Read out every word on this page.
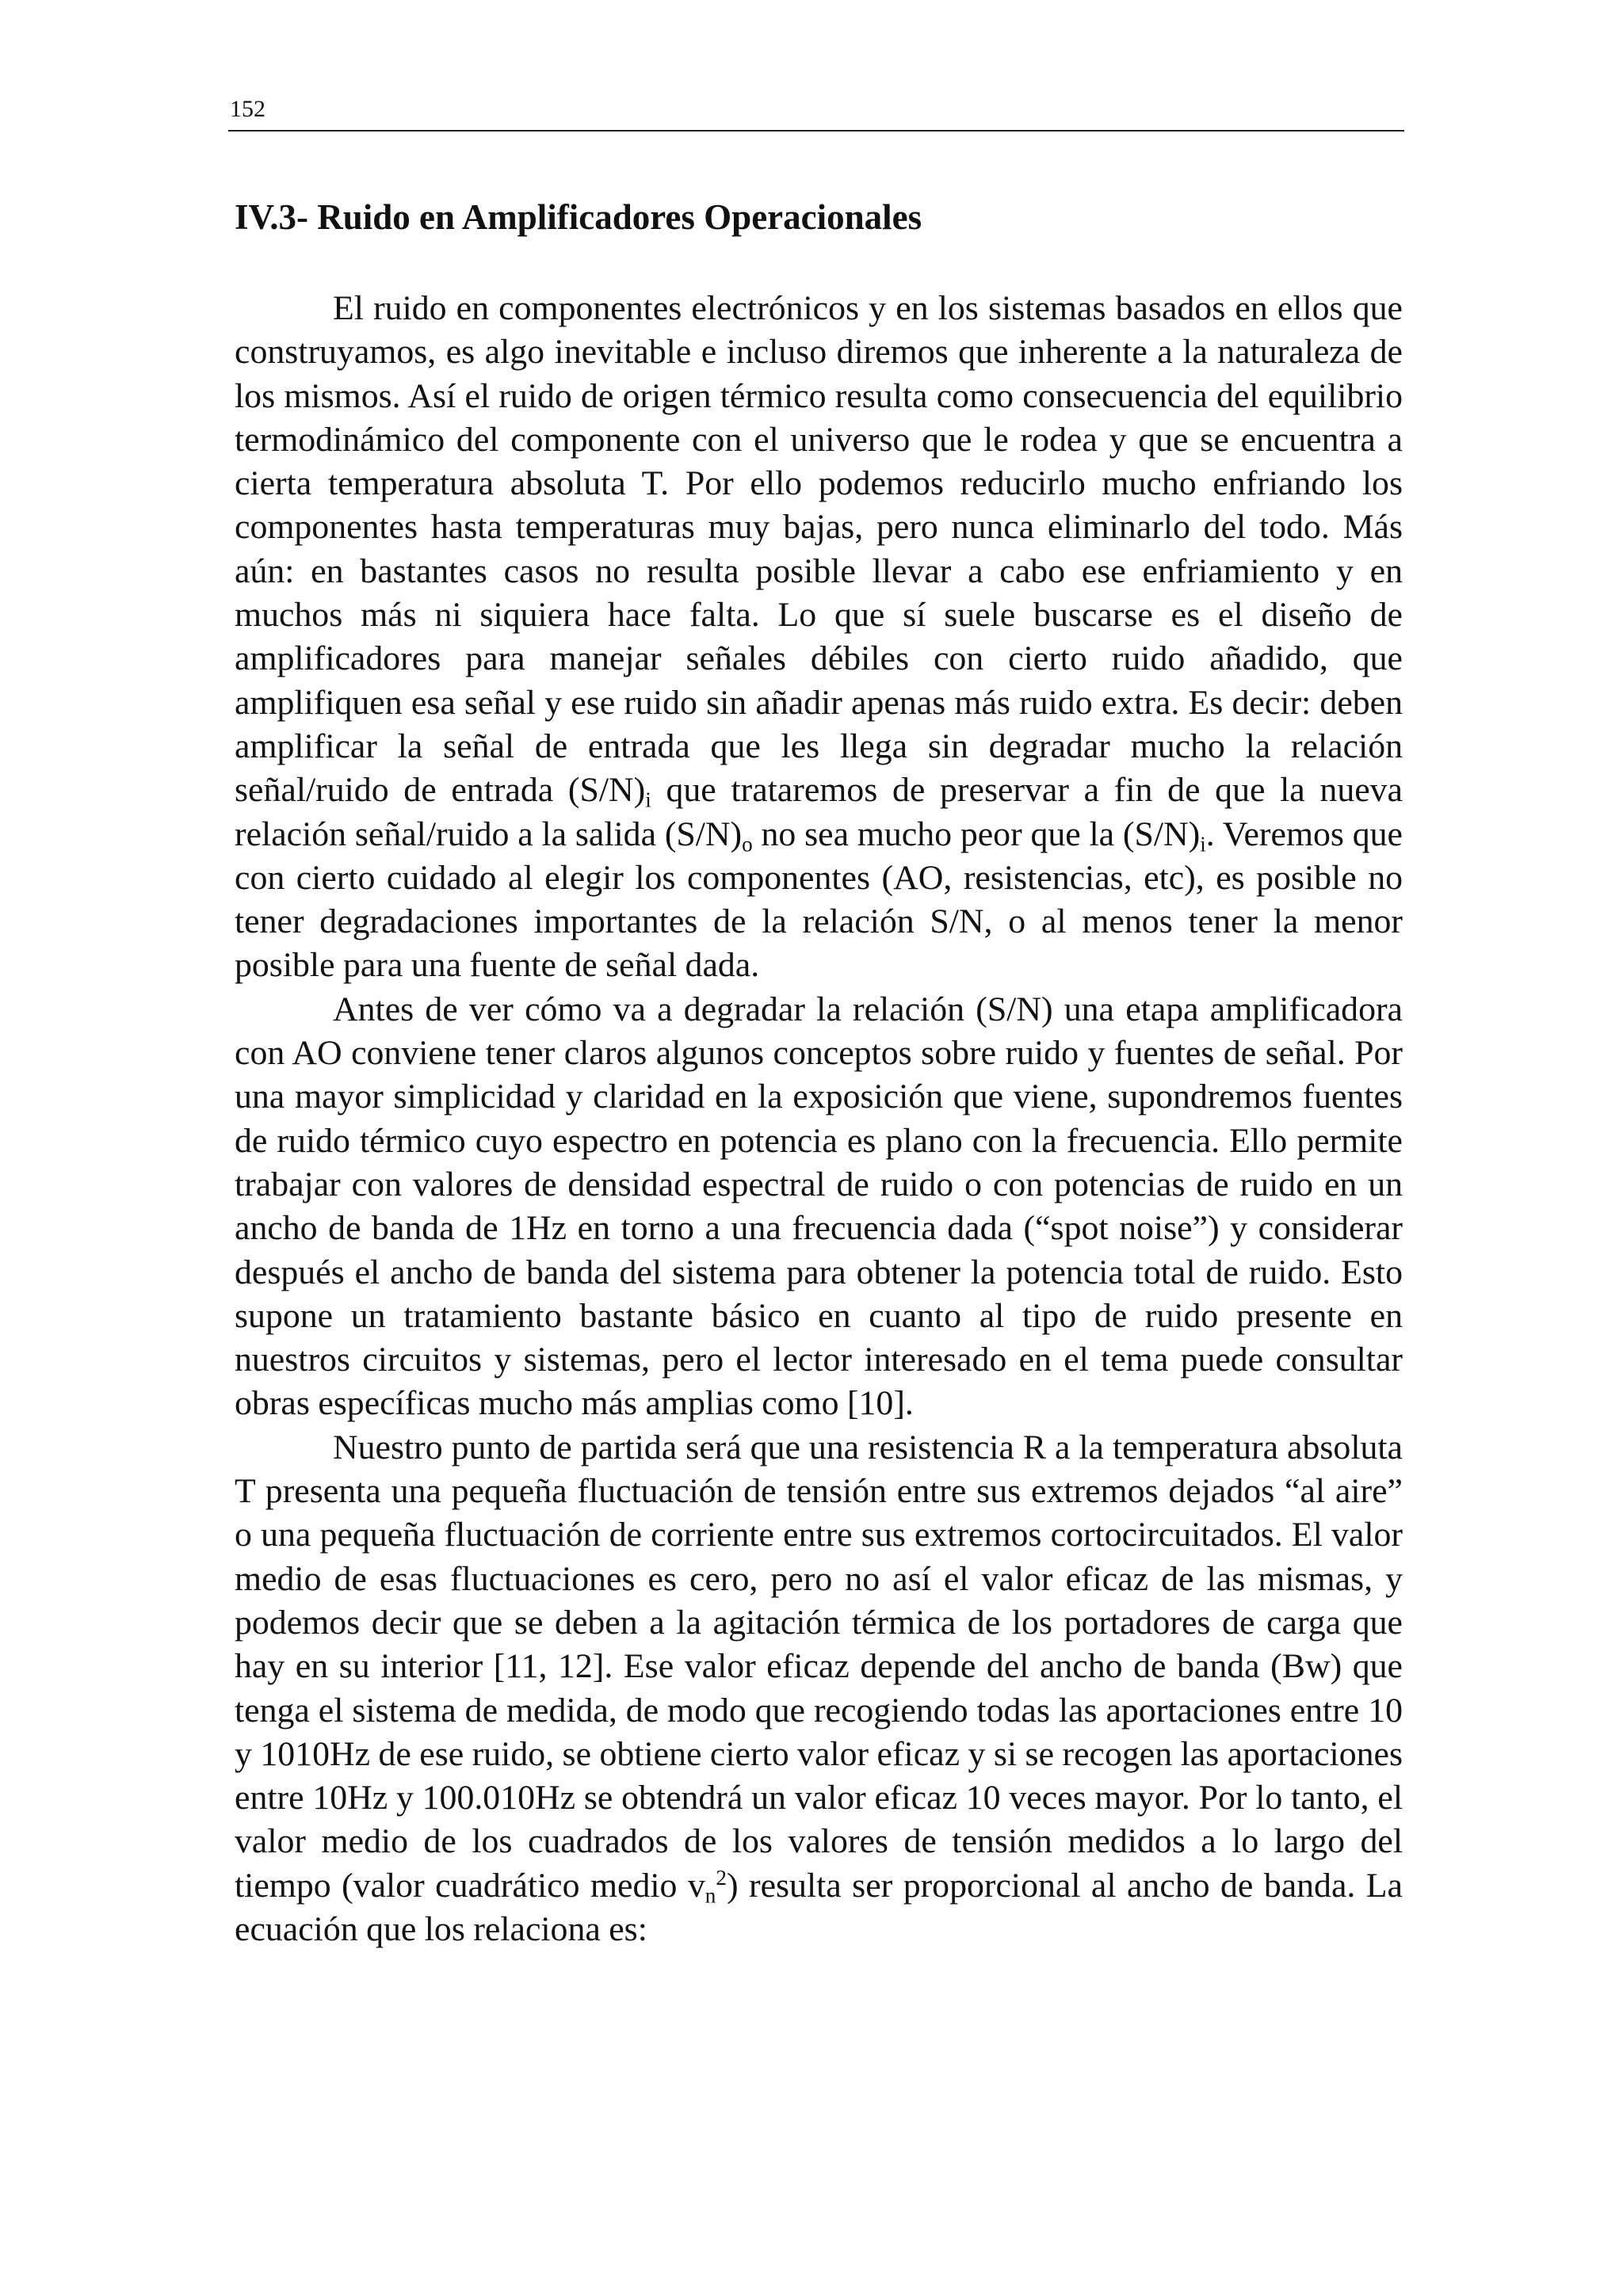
152
IV.3- Ruido en Amplificadores Operacionales

El ruido en componentes electrónicos y en los sistemas basados en ellos que construyamos, es algo inevitable e incluso diremos que inherente a la naturaleza de los mismos. Así el ruido de origen térmico resulta como consecuencia del equilibrio termodinámico del componente con el universo que le rodea y que se encuentra a cierta temperatura absoluta T. Por ello podemos reducirlo mucho enfriando los componentes hasta temperaturas muy bajas, pero nunca eliminarlo del todo. Más aún: en bastantes casos no resulta posible llevar a cabo ese enfriamiento y en muchos más ni siquiera hace falta. Lo que sí suele buscarse es el diseño de amplificadores para manejar señales débiles con cierto ruido añadido, que amplifiquen esa señal y ese ruido sin añadir apenas más ruido extra. Es decir: deben amplificar la señal de entrada que les llega sin degradar mucho la relación señal/ruido de entrada $(S/N)_i$ que trataremos de preservar a fin de que la nueva relación señal/ruido a la salida $(S/N)_o$ no sea mucho peor que la $(S/N)_i$. Veremos que con cierto cuidado al elegir los componentes (AO, resistencias, etc), es posible no tener degradaciones importantes de la relación S/N, o al menos tener la menor posible para una fuente de señal dada.

Antes de ver cómo va a degradar la relación (S/N) una etapa amplificadora con AO conviene tener claros algunos conceptos sobre ruido y fuentes de señal. Por una mayor simplicidad y claridad en la exposición que viene, supondremos fuentes de ruido térmico cuyo espectro en potencia es plano con la frecuencia. Ello permite trabajar con valores de densidad espectral de ruido o con potencias de ruido en un ancho de banda de 1Hz en torno a una frecuencia dada (“spot noise”) y considerar después el ancho de banda del sistema para obtener la potencia total de ruido. Esto supone un tratamiento bastante básico en cuanto al tipo de ruido presente en nuestros circuitos y sistemas, pero el lector interesado en el tema puede consultar obras específicas mucho más amplias como [10].

Nuestro punto de partida será que una resistencia R a la temperatura absoluta T presenta una pequeña fluctuación de tensión entre sus extremos dejados “al aire” o una pequeña fluctuación de corriente entre sus extremos cortocircuitados. El valor medio de esas fluctuaciones es cero, pero no así el valor eficaz de las mismas, y podemos decir que se deben a la agitación térmica de los portadores de carga que hay en su interior [11, 12]. Ese valor eficaz depende del ancho de banda (Bw) que tenga el sistema de medida, de modo que recogiendo todas las aportaciones entre 10 y 1010Hz de ese ruido, se obtiene cierto valor eficaz y si se recogen las aportaciones entre 10Hz y 100.010Hz se obtendrá un valor eficaz 10 veces mayor. Por lo tanto, el valor medio de los cuadrados de los valores de tensión medidos a lo largo del tiempo (valor cuadrático medio $v_n^2$) resulta ser proporcional al ancho de banda. La ecuación que los relaciona es:
